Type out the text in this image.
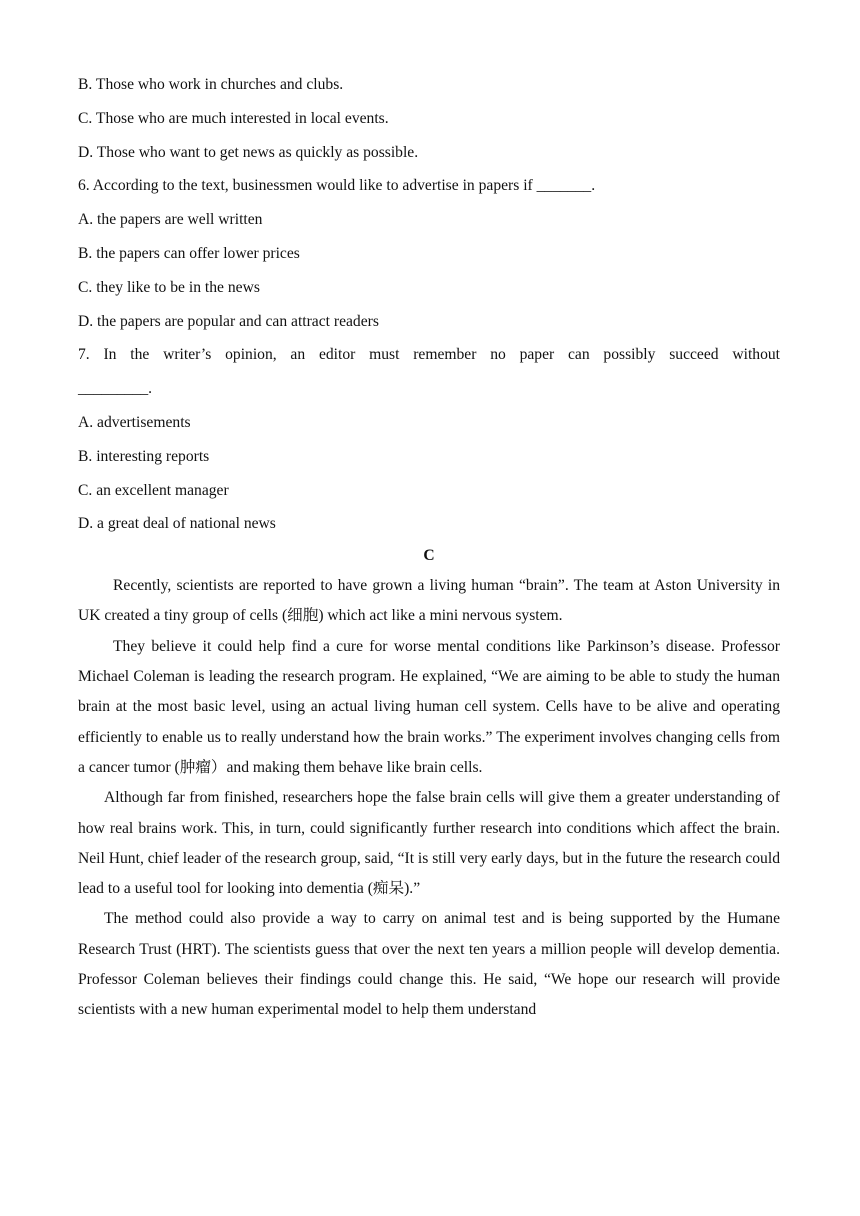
B. Those who work in churches and clubs.
C. Those who are much interested in local events.
D. Those who want to get news as quickly as possible.
6. According to the text, businessmen would like to advertise in papers if _______.
A. the papers are well written
B. the papers can offer lower prices
C. they like to be in the news
D. the papers are popular and can attract readers
7. In the writer’s opinion, an editor must remember no paper can possibly succeed without
_________.
A. advertisements
B. interesting reports
C. an excellent manager
D. a great deal of national news
C

Recently, scientists are reported to have grown a living human “brain”. The team at Aston University in UK created a tiny group of cells (细胞) which act like a mini nervous system.

They believe it could help find a cure for worse mental conditions like Parkinson’s disease. Professor Michael Coleman is leading the research program. He explained, “We are aiming to be able to study the human brain at the most basic level, using an actual living human cell system. Cells have to be alive and operating efficiently to enable us to really understand how the brain works.” The experiment involves changing cells from a cancer tumor (肿瘤）and making them behave like brain cells.

Although far from finished, researchers hope the false brain cells will give them a greater understanding of how real brains work. This, in turn, could significantly further research into conditions which affect the brain. Neil Hunt, chief leader of the research group, said, “It is still very early days, but in the future the research could lead to a useful tool for looking into dementia (痴呆).”

The method could also provide a way to carry on animal test and is being supported by the Humane Research Trust (HRT). The scientists guess that over the next ten years a million people will develop dementia. Professor Coleman believes their findings could change this. He said, “We hope our research will provide scientists with a new human experimental model to help them understand
